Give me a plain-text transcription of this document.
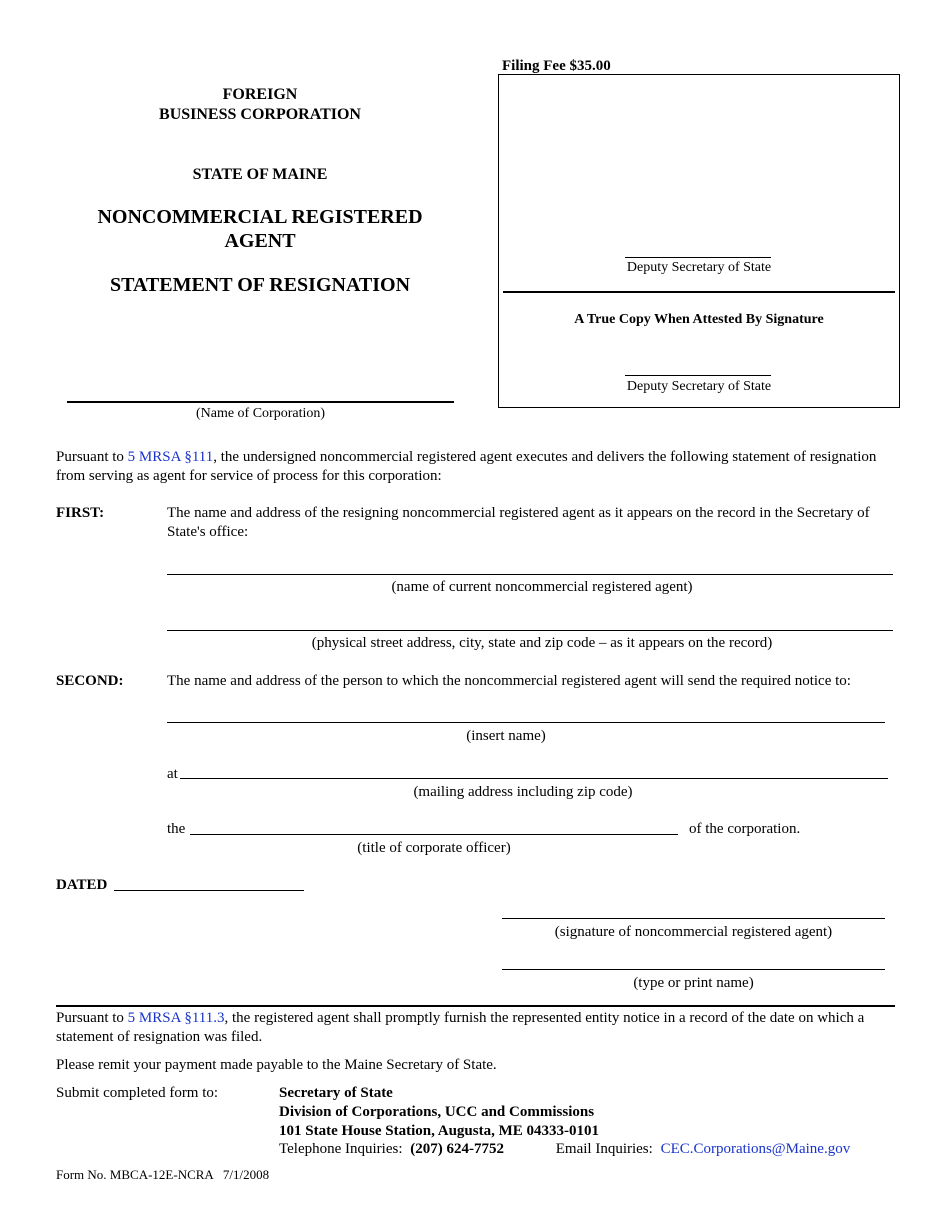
FOREIGN
BUSINESS CORPORATION
STATE OF MAINE
NONCOMMERCIAL REGISTERED
AGENT
STATEMENT OF RESIGNATION
Filing Fee $35.00
Deputy Secretary of State
A True Copy When Attested By Signature
Deputy Secretary of State
(Name of Corporation)
Pursuant to 5 MRSA §111, the undersigned noncommercial registered agent executes and delivers the following statement of resignation from serving as agent for service of process for this corporation:
FIRST:	The name and address of the resigning noncommercial registered agent as it appears on the record in the Secretary of State's office:
(name of current noncommercial registered agent)
(physical street address, city, state and zip code – as it appears on the record)
SECOND:	The name and address of the person to which the noncommercial registered agent will send the required notice to:
(insert name)
at
(mailing address including zip code)
the	of the corporation.
(title of corporate officer)
DATED
(signature of noncommercial registered agent)
(type or print name)
Pursuant to 5 MRSA §111.3, the registered agent shall promptly furnish the represented entity notice in a record of the date on which a statement of resignation was filed.
Please remit your payment made payable to the Maine Secretary of State.
Submit completed form to:	Secretary of State
Division of Corporations, UCC and Commissions
101 State House Station, Augusta, ME 04333-0101
Telephone Inquiries: (207) 624-7752	Email Inquiries: CEC.Corporations@Maine.gov
Form No. MBCA-12E-NCRA   7/1/2008
